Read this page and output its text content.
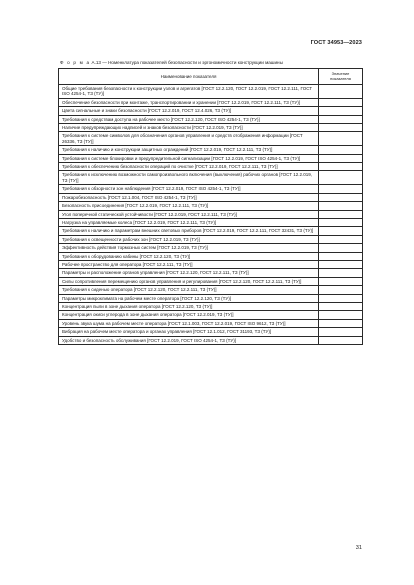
ГОСТ 34953—2023
Ф о р м а А.13 — Номенклатура показателей безопасности и эргономичности конструкции машины
Наименование показателя	Значение показателя
Общие требования безопасности к конструкции узлов и агрегатов [ГОСТ 12.2.120, ГОСТ 12.2.019, ГОСТ 12.2.111, ГОСТ ISO 4254-1, ТЗ (ТУ)]	
Обеспечение безопасности при монтаже, транспортировании и хранении [ГОСТ 12.2.019, ГОСТ 12.2.111, ТЗ (ТУ)]	
Цвета сигнальные и знаки безопасности [ГОСТ 12.2.019, ГОСТ 12.4.026, ТЗ (ТУ)]	
Требования к средствам доступа на рабочее место [ГОСТ 12.2.120, ГОСТ ISO 4254-1, ТЗ (ТУ)]	
Наличие предупреждающих надписей и знаков безопасности [ГОСТ 12.2.019, ТЗ (ТУ)]	
Требования к системе символов для обозначения органов управления и средств отображения информации [ГОСТ 26336, ТЗ (ТУ)]	
Требования к наличию и конструкции защитных ограждений [ГОСТ 12.2.019, ГОСТ 12.2.111, ТЗ (ТУ)]	
Требования к системе блокировки и предупредительной сигнализации [ГОСТ 12.2.019, ГОСТ ISO 4254-1, ТЗ (ТУ)]	
Требования к обеспечению безопасности операций по очистке [ГОСТ 12.2.019, ГОСТ 12.2.111, ТЗ (ТУ)]	
Требования к исключению возможности самопроизвольного включения (выключения) рабочих органов [ГОСТ 12.2.019, ТЗ (ТУ)]	
Требования к обзорности зон наблюдения [ГОСТ 12.2.019, ГОСТ ISO 4254-1, ТЗ (ТУ)]	
Пожаробезопасность [ГОСТ 12.1.004, ГОСТ ISO 4254-1, ТЗ (ТУ)]	
Безопасность присоединения [ГОСТ 12.2.019, ГОСТ 12.2.111, ТЗ (ТУ)]	
Угол поперечной статической устойчивости [ГОСТ 12.2.019, ГОСТ 12.2.111, ТЗ (ТУ)]	
Нагрузка на управляемые колеса [ГОСТ 12.2.019, ГОСТ 12.2.111, ТЗ (ТУ)]	
Требования к наличию и параметрам внешних световых приборов [ГОСТ 12.2.019, ГОСТ 12.2.111, ГОСТ 32431, ТЗ (ТУ)]	
Требования к освещенности рабочих зон [ГОСТ 12.2.019, ТЗ (ТУ)]	
Эффективность действия тормозных систем [ГОСТ 12.2.019, ТЗ (ТУ)]	
Требования к оборудованию кабины [ГОСТ 12.2.120, ТЗ (ТУ)]	
Рабочее пространство для оператора [ГОСТ 12.2.111, ТЗ (ТУ)]	
Параметры и расположение органов управления [ГОСТ 12.2.120, ГОСТ 12.2.111, ТЗ (ТУ)]	
Силы сопротивления перемещению органов управления и регулирования [ГОСТ 12.2.120, ГОСТ 12.2.111, ТЗ (ТУ)]	
Требования к сиденью оператора [ГОСТ 12.2.120, ГОСТ 12.2.111, ТЗ (ТУ)]	
Параметры микроклимата на рабочем месте оператора [ГОСТ 12.2.120, ТЗ (ТУ)]	
Концентрация пыли в зоне дыхания оператора [ГОСТ 12.2.120, ТЗ (ТУ)]	
Концентрация окиси углерода в зоне дыхания оператора [ГОСТ 12.2.019, ТЗ (ТУ)]	
Уровень звука шума на рабочем месте оператора [ГОСТ 12.1.003, ГОСТ 12.2.019, ГОСТ ISO 9612, ТЗ (ТУ)]	
Вибрация на рабочем месте оператора и органах управления [ГОСТ 12.1.012, ГОСТ 31193, ТЗ (ТУ)]	
Удобство и безопасность обслуживания [ГОСТ 12.2.019, ГОСТ ISO 4254-1, ТЗ (ТУ)]	
31
